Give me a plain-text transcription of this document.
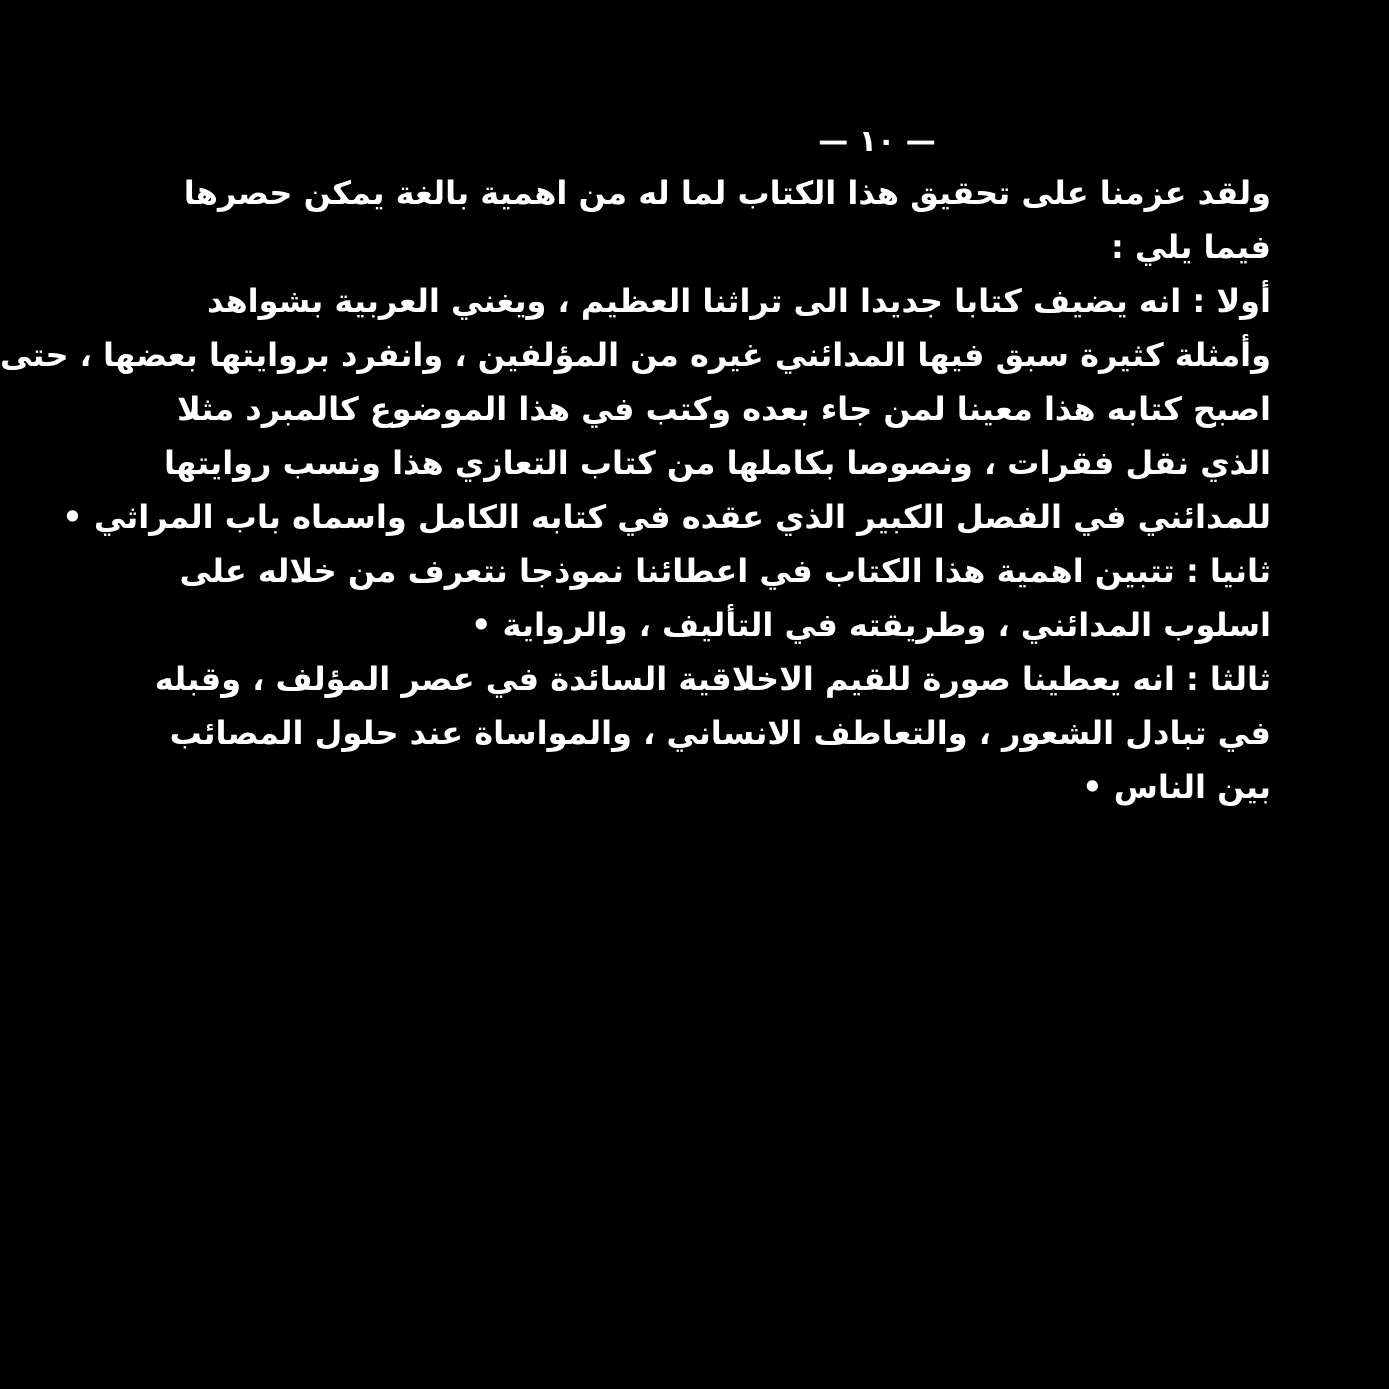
— ١٠ —
ولقد عزمنا على تحقيق هذا الكتاب لما له من اهمية بالغة يمكن حصرها
فيما يلي :
أولا : انه يضيف كتابا جديدا الى تراثنا العظيم ، ويغني العربية بشواهد
وأمثلة كثيرة سبق فيها المدائني غيره من المؤلفين ، وانفرد بروايتها بعضها ، حتى
اصبح كتابه هذا معينا لمن جاء بعده وكتب في هذا الموضوع كالمبرد مثلا
الذي نقل فقرات ، ونصوصا بكاملها من كتاب التعازي هذا ونسب روايتها
للمدائني في الفصل الكبير الذي عقده في كتابه الكامل واسماه باب المراثي •
ثانيا : تتبين اهمية هذا الكتاب في اعطائنا نموذجا نتعرف من خلاله على
اسلوب المدائني ، وطريقته في التأليف ، والرواية •
ثالثا : انه يعطينا صورة للقيم الاخلاقية السائدة في عصر المؤلف ، وقبله
في تبادل الشعور ، والتعاطف الانساني ، والمواساة عند حلول المصائب
بين الناس •
